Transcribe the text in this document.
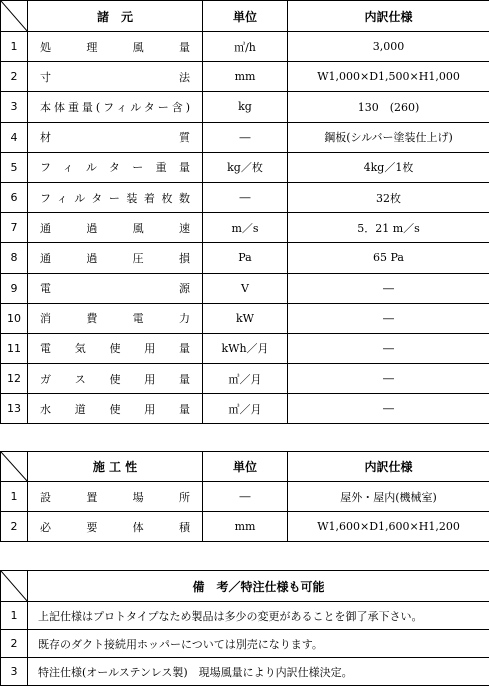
	諸　元	単位	内訳仕様
1	処理風量	㎥/h	3,000
2	寸法	mm	W1,000×D1,500×H1,000
3	本体重量(フィルター含)	kg	130　(260)
4	材質	―	鋼板(シルバー塗装仕上げ)
5	フィルター重量	kg／枚	4kg／1枚
6	フィルター装着枚数	―	32枚
7	通過風速	m／s	5．21 m／s
8	通過圧損	Pa	65 Pa
9	電源	V	―
10	消費電力	kW	―
11	電気使用量	kWh／月	―
12	ガス使用量	㎥／月	―
13	水道使用量	㎥／月	―
	施 工 性	単位	内訳仕様
1	設置場所	―	屋外・屋内(機械室)
2	必要体積	mm	W1,600×D1,600×H1,200
	備　考／特注仕様も可能
1	上記仕様はプロトタイプなため製品は多少の変更があることを御了承下さい。
2	既存のダクト接続用ホッパーについては別売になります。
3	特注仕様(オールステンレス製)　現場風量により内訳仕様決定。
